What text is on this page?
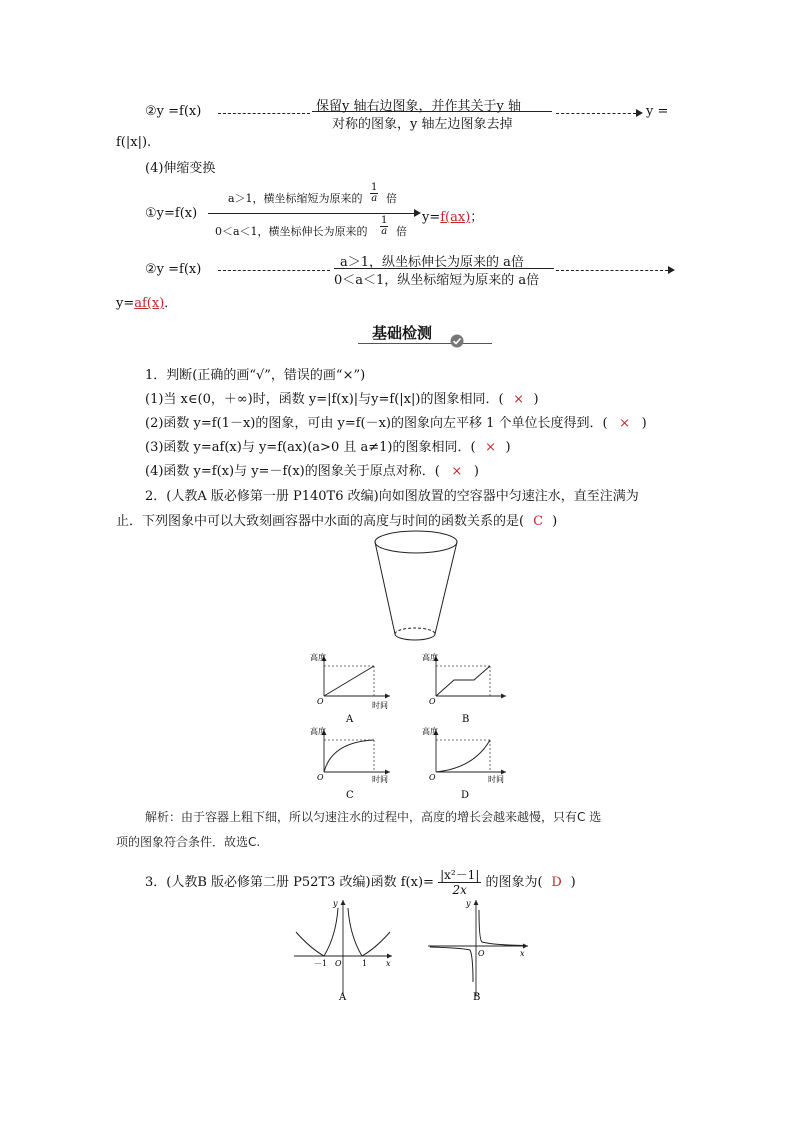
②y =f(x)	保留y 轴右边图象，并作其关于y 轴
对称的图象，y 轴左边图象去掉
y =
f(|x|).
(4)伸缩变换
①y=f(x)
a＞1，横坐标缩短为原来的 $\frac{1}{a}$ 倍
0＜a＜1，横坐标伸长为原来的 $\frac{1}{a}$ 倍
y=f(ax)；
②y =f(x)	a＞1，纵坐标伸长为原来的 a倍
0＜a＜1，纵坐标缩短为原来的 a倍
y=af(x)．
基础检测
1．判断(正确的画“√”，错误的画“×”)
(1)当 x∈(0，＋∞)时，函数 y=|f(x)|与y=f(|x|)的图象相同．( × )
(2)函数 y=f(1－x)的图象，可由 y=f(－x)的图象向左平移 1 个单位长度得到．( × )
(3)函数 y=af(x)与 y=f(ax)(a>0 且 a≠1)的图象相同．( × )
(4)函数 y=f(x)与 y=－f(x)的图象关于原点对称．( × )
2．(人教A 版必修第一册 P140T6 改编)向如图放置的空容器中匀速注水，直至注满为
止．下列图象中可以大致刻画容器中水面的高度与时间的函数关系的是( C )
高度
O	时间
A
高度
O
B
高度
O	时间
C
高度
O	时间
D
解析：由于容器上粗下细，所以匀速注水的过程中，高度的增长会越来越慢，只有C 选
项的图象符合条件．故选C.
3．(人教B 版必修第二册 P52T3 改编)函数 $f(x)= \frac{\text{|x²－1|}}{2x}$ 的图象为( D )
y
x
O
－1	1
A
y
x
O
B
